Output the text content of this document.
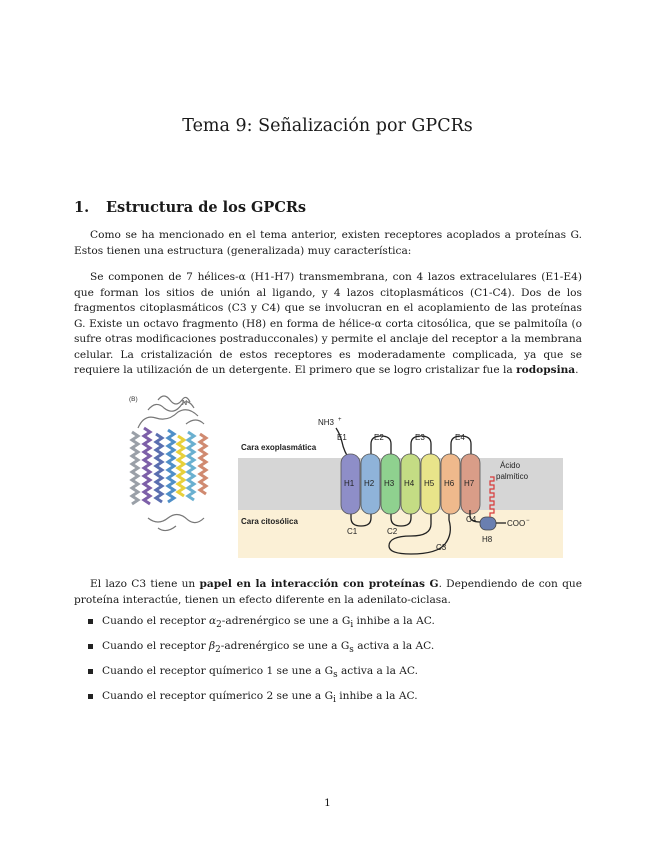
Tema 9: Señalización por GPCRs
1. Estructura de los GPCRs

Como se ha mencionado en el tema anterior, existen receptores acoplados a proteínas G. Estos tienen una estructura (generalizada) muy característica:

Se componen de 7 hélices-α (H1-H7) transmembrana, con 4 lazos extracelulares (E1-E4) que forman los sitios de unión al ligando, y 4 lazos citoplasmáticos (C1-C4). Dos de los fragmentos citoplasmáticos (C3 y C4) que se involucran en el acoplamiento de las proteínas G. Existe un octavo fragmento (H8) en forma de hélice-α corta citosólica, que se palmitoíla (o sufre otras modificaciones postraducconales) y permite el anclaje del receptor a la membrana celular. La cristalización de estos receptores es moderadamente complicada, ya que se requiere la utilización de un detergente. El primero que se logro cristalizar fue la rodopsina.

(B)
N
Cara exoplasmática
Cara citosólica
NH3 +
E1	E2	E3	E4
C1	C2
C3
C4
H1 H2 H3 H4 H5 H6 H7
H8
COO −
Ácido
palmítico

El lazo C3 tiene un papel en la interacción con proteínas G. Dependiendo de con que proteína interactúe, tienen un efecto diferente en la adenilato-ciclasa.

Cuando el receptor $\alpha_2$-adrenérgico se une a $G_i$ inhibe a la AC.
Cuando el receptor $\beta_2$-adrenérgico se une a $G_s$ activa a la AC.
Cuando el receptor químerico 1 se une a $G_s$ activa a la AC.
Cuando el receptor químerico 2 se une a $G_i$ inhibe a la AC.
1
